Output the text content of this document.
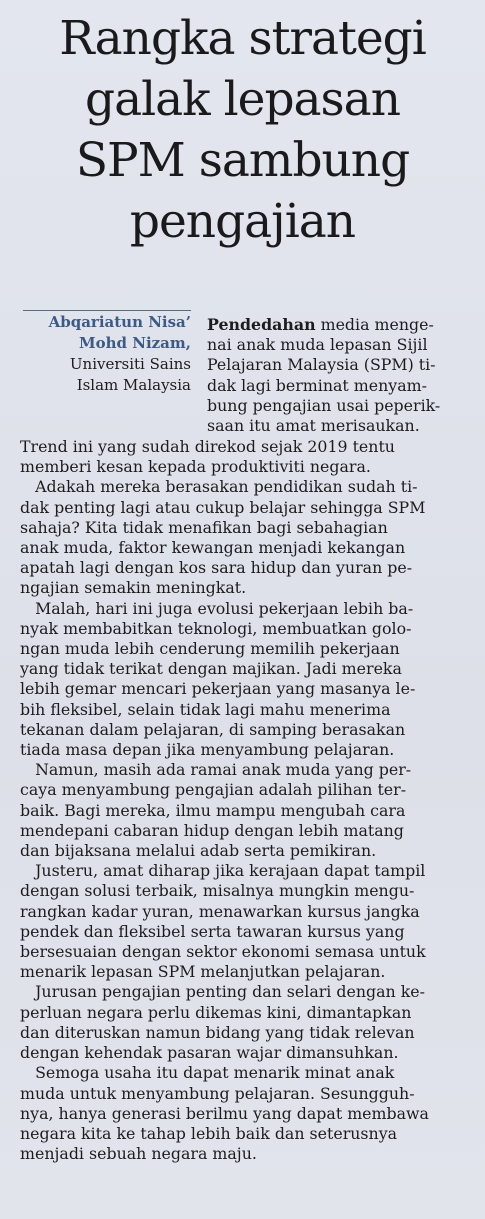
Rangka strategi
galak lepasan
SPM sambung
pengajian
Abqariatun Nisa’
Mohd Nizam,
Universiti Sains
Islam Malaysia
Pendedahan media menge-
nai anak muda lepasan Sijil
Pelajaran Malaysia (SPM) ti-
dak lagi berminat menyam-
bung pengajian usai peperik-
saan itu amat merisaukan.
Trend ini yang sudah direkod sejak 2019 tentu
memberi kesan kepada produktiviti negara.
Adakah mereka berasakan pendidikan sudah ti-
dak penting lagi atau cukup belajar sehingga SPM
sahaja? Kita tidak menafikan bagi sebahagian
anak muda, faktor kewangan menjadi kekangan
apatah lagi dengan kos sara hidup dan yuran pe-
ngajian semakin meningkat.
Malah, hari ini juga evolusi pekerjaan lebih ba-
nyak membabitkan teknologi, membuatkan golo-
ngan muda lebih cenderung memilih pekerjaan
yang tidak terikat dengan majikan. Jadi mereka
lebih gemar mencari pekerjaan yang masanya le-
bih fleksibel, selain tidak lagi mahu menerima
tekanan dalam pelajaran, di samping berasakan
tiada masa depan jika menyambung pelajaran.
Namun, masih ada ramai anak muda yang per-
caya menyambung pengajian adalah pilihan ter-
baik. Bagi mereka, ilmu mampu mengubah cara
mendepani cabaran hidup dengan lebih matang
dan bijaksana melalui adab serta pemikiran.
Justeru, amat diharap jika kerajaan dapat tampil
dengan solusi terbaik, misalnya mungkin mengu-
rangkan kadar yuran, menawarkan kursus jangka
pendek dan fleksibel serta tawaran kursus yang
bersesuaian dengan sektor ekonomi semasa untuk
menarik lepasan SPM melanjutkan pelajaran.
Jurusan pengajian penting dan selari dengan ke-
perluan negara perlu dikemas kini, dimantapkan
dan diteruskan namun bidang yang tidak relevan
dengan kehendak pasaran wajar dimansuhkan.
Semoga usaha itu dapat menarik minat anak
muda untuk menyambung pelajaran. Sesungguh-
nya, hanya generasi berilmu yang dapat membawa
negara kita ke tahap lebih baik dan seterusnya
menjadi sebuah negara maju.
